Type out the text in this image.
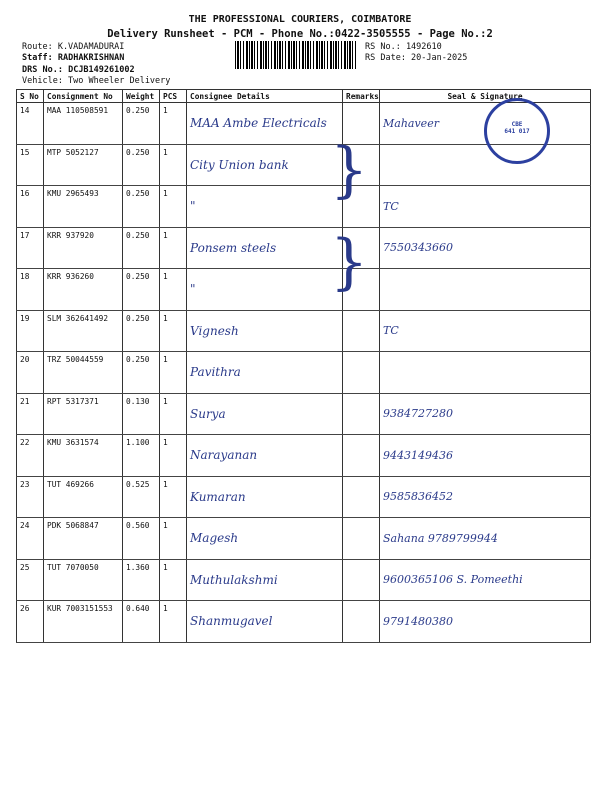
THE PROFESSIONAL COURIERS, COIMBATORE
Delivery Runsheet - PCM - Phone No.:0422-3505555 - Page No.:2
Route: K.VADAMADURAI
Staff: RADHAKRISHNAN
DRS No.: DCJB149261002
Vehicle: Two Wheeler Delivery
RS No.: 1492610
RS Date: 20-Jan-2025
S No	Consignment No	Weight	PCS	Consignee Details	Remarks	Seal & Signature
14	MAA 110508591	0.250	1	MAA Ambe Electricals		Mahaveer
15	MTP 5052127	0.250	1	City Union bank		
16	KMU 2965493	0.250	1	"		TC
17	KRR 937920	0.250	1	Ponsem steels		7550343660
18	KRR 936260	0.250	1	"		
19	SLM 362641492	0.250	1	Vignesh		TC
20	TRZ 50044559	0.250	1	Pavithra		
21	RPT 5317371	0.130	1	Surya		9384727280
22	KMU 3631574	1.100	1	Narayanan		9443149436
23	TUT 469266	0.525	1	Kumaran		9585836452
24	PDK 5068847	0.560	1	Magesh		Sahana 9789799944
25	TUT 7070050	1.360	1	Muthulakshmi		9600365106 S. Pomeethi
26	KUR 7003151553	0.640	1	Shanmugavel		9791480380
}
}
CBE
641 017
